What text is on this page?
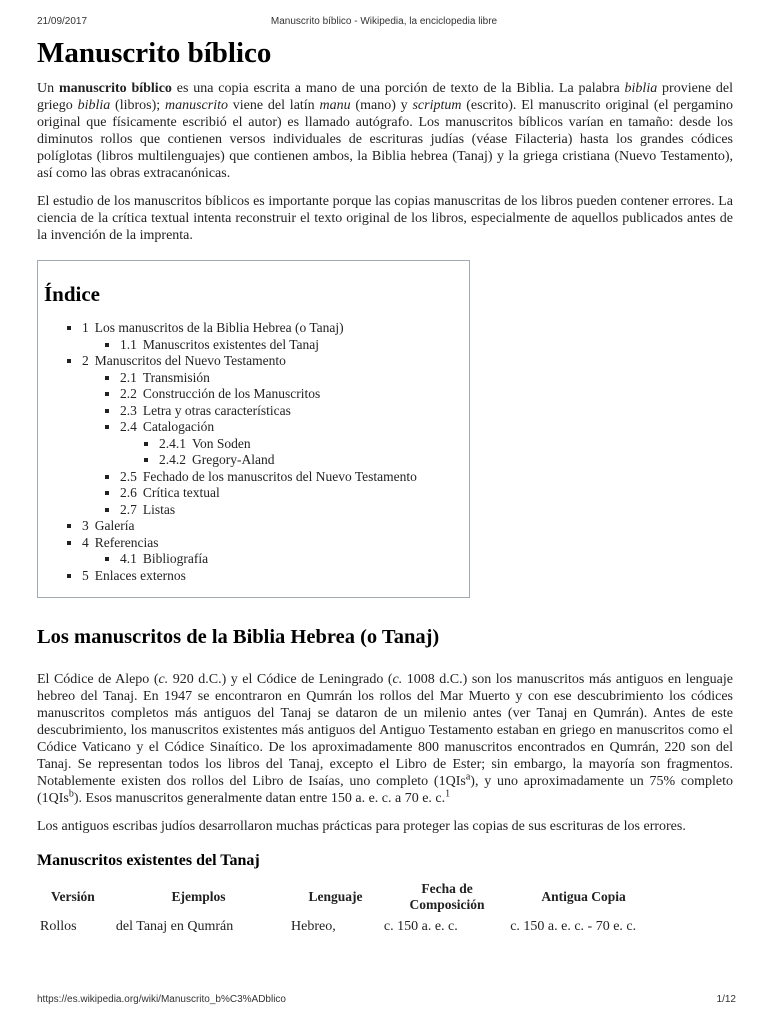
21/09/2017	Manuscrito bíblico - Wikipedia, la enciclopedia libre
Manuscrito bíblico

Un manuscrito bíblico es una copia escrita a mano de una porción de texto de la Biblia. La palabra biblia proviene del griego biblia (libros); manuscrito viene del latín manu (mano) y scriptum (escrito). El manuscrito original (el pergamino original que físicamente escribió el autor) es llamado autógrafo. Los manuscritos bíblicos varían en tamaño: desde los diminutos rollos que contienen versos individuales de escrituras judías (véase Filacteria) hasta los grandes códices políglotas (libros multilenguajes) que contienen ambos, la Biblia hebrea (Tanaj) y la griega cristiana (Nuevo Testamento), así como las obras extracanónicas.

El estudio de los manuscritos bíblicos es importante porque las copias manuscritas de los libros pueden contener errores. La ciencia de la crítica textual intenta reconstruir el texto original de los libros, especialmente de aquellos publicados antes de la invención de la imprenta.

Índice
1 Los manuscritos de la Biblia Hebrea (o Tanaj)
1.1 Manuscritos existentes del Tanaj
2 Manuscritos del Nuevo Testamento
2.1 Transmisión
2.2 Construcción de los Manuscritos
2.3 Letra y otras características
2.4 Catalogación
2.4.1 Von Soden
2.4.2 Gregory-Aland
2.5 Fechado de los manuscritos del Nuevo Testamento
2.6 Crítica textual
2.7 Listas
3 Galería
4 Referencias
4.1 Bibliografía
5 Enlaces externos
Los manuscritos de la Biblia Hebrea (o Tanaj)

El Códice de Alepo (c. 920 d.C.) y el Códice de Leningrado (c. 1008 d.C.) son los manuscritos más antiguos en lenguaje hebreo del Tanaj. En 1947 se encontraron en Qumrán los rollos del Mar Muerto y con ese descubrimiento los códices manuscritos completos más antiguos del Tanaj se dataron de un milenio antes (ver Tanaj en Qumrán). Antes de este descubrimiento, los manuscritos existentes más antiguos del Antiguo Testamento estaban en griego en manuscritos como el Códice Vaticano y el Códice Sinaítico. De los aproximadamente 800 manuscritos encontrados en Qumrán, 220 son del Tanaj. Se representan todos los libros del Tanaj, excepto el Libro de Ester; sin embargo, la mayoría son fragmentos. Notablemente existen dos rollos del Libro de Isaías, uno completo (1QIs$^a$), y uno aproximadamente un 75% completo (1QIs$^b$). Esos manuscritos generalmente datan entre 150 a. e. c. a 70 e. c.$^1$

Los antiguos escribas judíos desarrollaron muchas prácticas para proteger las copias de sus escrituras de los errores.

Manuscritos existentes del Tanaj
Versión	Ejemplos	Lenguaje	Fecha de Composición	Antigua Copia
Rollos	del Tanaj en Qumrán	Hebreo,	c. 150 a. e. c.	c. 150 a. e. c. - 70 e. c.
https://es.wikipedia.org/wiki/Manuscrito_b%C3%ADblico	1/12
